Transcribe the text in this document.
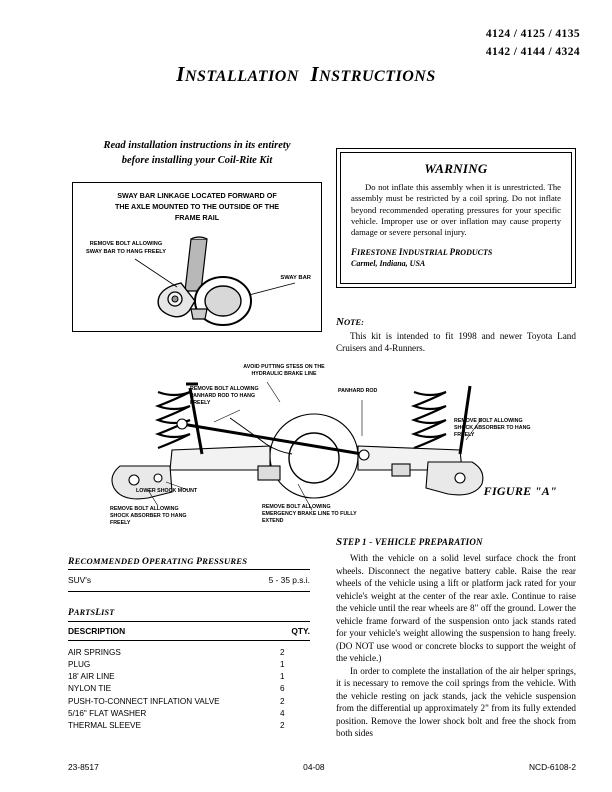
4124 / 4125 / 4135
4142 / 4144 / 4324
INSTALLATION INSTRUCTIONS
Read installation instructions in its entirety
before installing your Coil-Rite Kit
SWAY BAR LINKAGE LOCATED FORWARD OF
THE AXLE MOUNTED TO THE OUTSIDE OF THE
FRAME RAIL
REMOVE BOLT ALLOWING SWAY BAR TO HANG FREELY
SWAY BAR
WARNING
Do not inflate this assembly when it is unrestricted. The assembly must be restricted by a coil spring. Do not inflate beyond recommended operating pressures for your specific vehicle. Improper use or over inflation may cause property damage or severe personal injury.
FIRESTONE INDUSTRIAL PRODUCTS
Carmel, Indiana, USA
NOTE:
This kit is intended to fit 1998 and newer Toyota Land Cruisers and 4-Runners.
AVOID PUTTING STESS ON THE HYDRAULIC BRAKE LINE
REMOVE BOLT ALLOWING PANHARD ROD TO HANG FREELY
PANHARD ROD
REMOVE BOLT ALLOWING SHOCK ABSORBER TO HANG FREELY
LOWER SHOCK MOUNT
REMOVE BOLT ALLOWING SHOCK ABSORBER TO HANG FREELY
REMOVE BOLT ALLOWING EMERGENCY BRAKE LINE TO FULLY EXTEND
FIGURE "A"
RECOMMENDED OPERATING PRESSURES
SUV's	5 - 35 p.s.i.
PARTSLIST
DESCRIPTION	QTY.
AIR SPRINGS	2
PLUG	1
18' AIR LINE	1
NYLON TIE	6
PUSH-TO-CONNECT INFLATION VALVE	2
5/16" FLAT WASHER	4
THERMAL SLEEVE	2
STEP 1 - VEHICLE PREPARATION

With the vehicle on a solid level surface chock the front wheels. Disconnect the negative battery cable. Raise the rear wheels of the vehicle using a lift or platform jack rated for your vehicle's weight at the center of the rear axle. Continue to raise the vehicle until the rear wheels are 8" off the ground. Lower the vehicle frame forward of the suspension onto jack stands rated for your vehicle's weight allowing the suspension to hang freely. (DO NOT use wood or concrete blocks to support the weight of the vehicle.)

In order to complete the installation of the air helper springs, it is necessary to remove the coil springs from the vehicle. With the vehicle resting on jack stands, jack the vehicle suspension from the differential up approximately 2" from its fully extended position. Remove the lower shock bolt and free the shock from both sides

23-8517	04-08	NCD-6108-2
